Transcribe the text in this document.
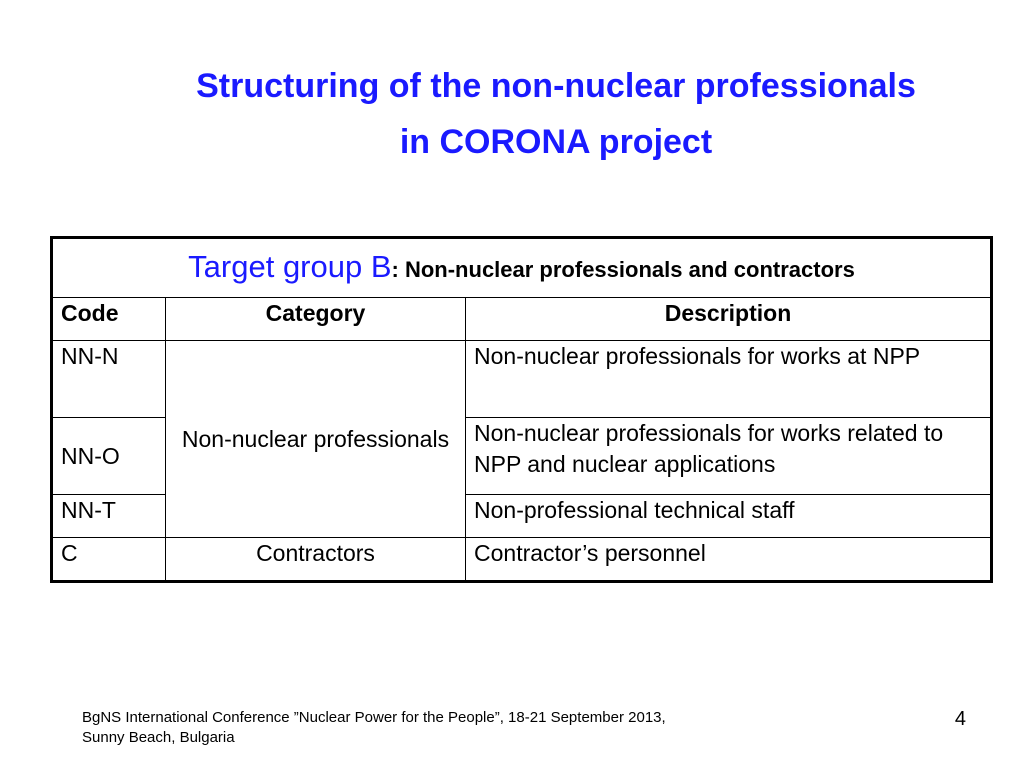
Structuring of the non-nuclear professionals
in CORONA project
Target group B: Non-nuclear professionals and contractors		
Code	Category	Description
NN-N	Non-nuclear professionals	Non-nuclear professionals for works at NPP
NN-O		Non-nuclear professionals for works related to NPP and nuclear applications
NN-T		Non-professional technical staff
C	Contractors	Contractor’s personnel
BgNS International Conference ”Nuclear Power for the People”, 18-21 September 2013,
Sunny Beach, Bulgaria
4
